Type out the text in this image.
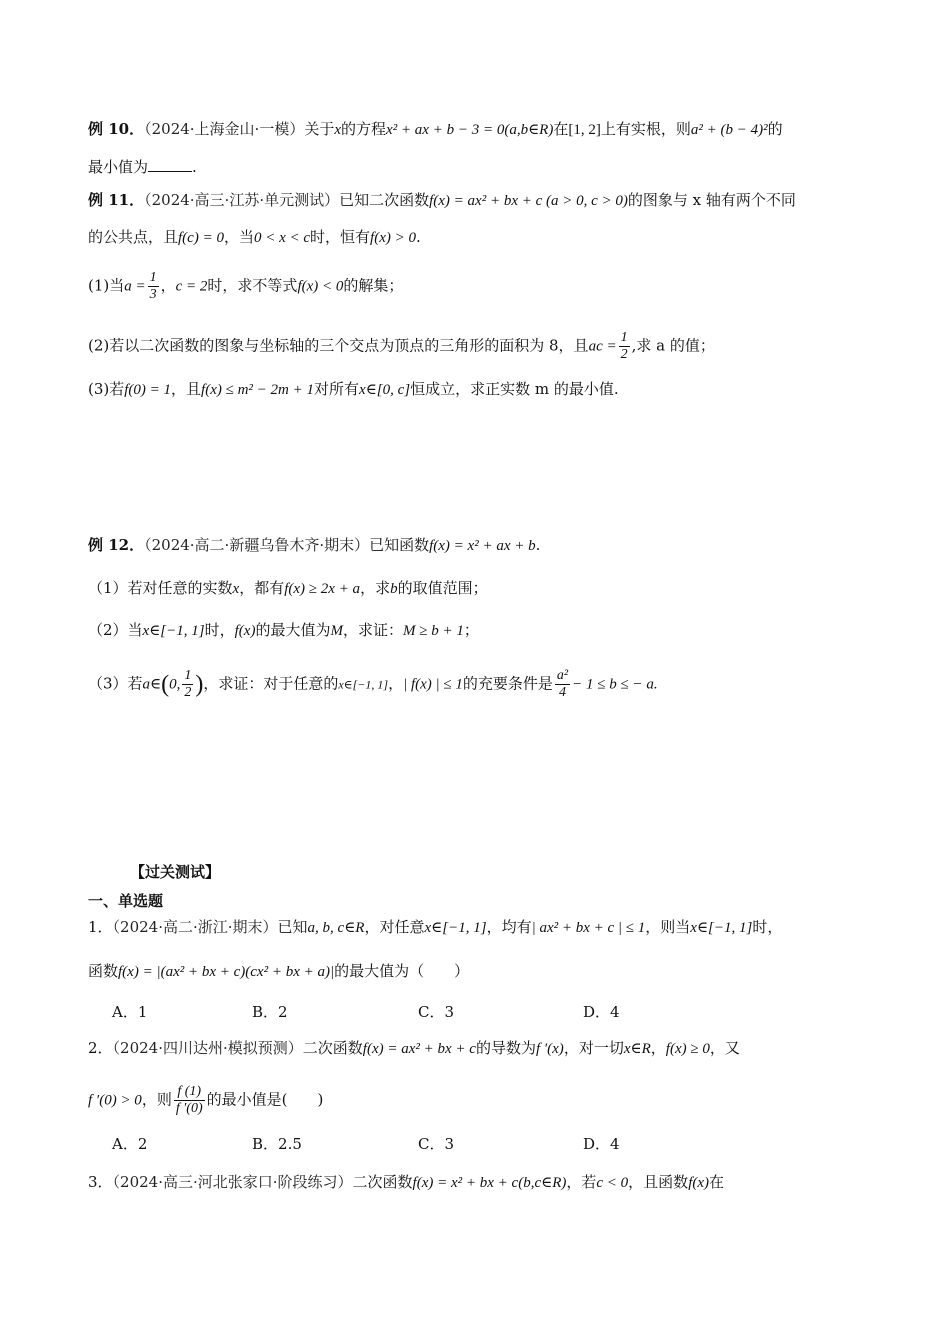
例 10．（2024·上海金山·一模）关于x的方程x² + ax + b − 3 = 0(a,b∈R)在[1, 2]上有实根，则a² + (b − 4)²的
最小值为	.
例 11．（2024·高三·江苏·单元测试）已知二次函数f(x) = ax² + bx + c (a > 0, c > 0)的图象与 x 轴有两个不同
的公共点，且f(c) = 0，当0 < x < c时，恒有f(x) > 0.
(1)当$a = \frac{1}{3}$ ，c = 2时，求不等式f(x) < 0的解集；
(2)若以二次函数的图象与坐标轴的三个交点为顶点的三角形的面积为 8，且ac = $\frac{1}{2}$ ,求 a 的值；
(3)若f(0) = 1，且f(x) ≤ m² − 2m + 1对所有x∈[0, c]恒成立，求正实数 m 的最小值.
例 12．（2024·高二·新疆乌鲁木齐·期末）已知函数f(x) = x² + ax + b.
（1）若对任意的实数x，都有f(x) ≥ 2x + a，求b的取值范围；
（2）当x∈[−1, 1]时，f(x)的最大值为M，求证：M ≥ b + 1；
（3）若a∈(0, $\frac{1}{2}$ )，求证：对于任意的x∈[−1, 1]，| f(x) | ≤ 1的充要条件是 $\frac{\text{a²}}{4} - 1 \le b$ ≤ − a.
【过关测试】
一、单选题
1．（2024·高二·浙江·期末）已知a, b, c∈R，对任意x∈[−1, 1]，均有| ax² + bx + c | ≤ 1，则当x∈[−1, 1]时，
函数f(x) = |(ax² + bx + c)(cx² + bx + a)|的最大值为（　　）
A．1	B．2	C．3	D．4
2．（2024·四川达州·模拟预测）二次函数f(x) = ax² + bx + c的导数为f ′(x)，对一切x∈R，f(x) ≥ 0，又
f ′(0) > 0，则 $\frac{f (1)}{f '(0)}$ 的最小值是(　　)
A．2	B．2.5	C．3	D．4
3．（2024·高三·河北张家口·阶段练习）二次函数f(x) = x² + bx + c(b,c∈R)，若c < 0，且函数f(x)在
